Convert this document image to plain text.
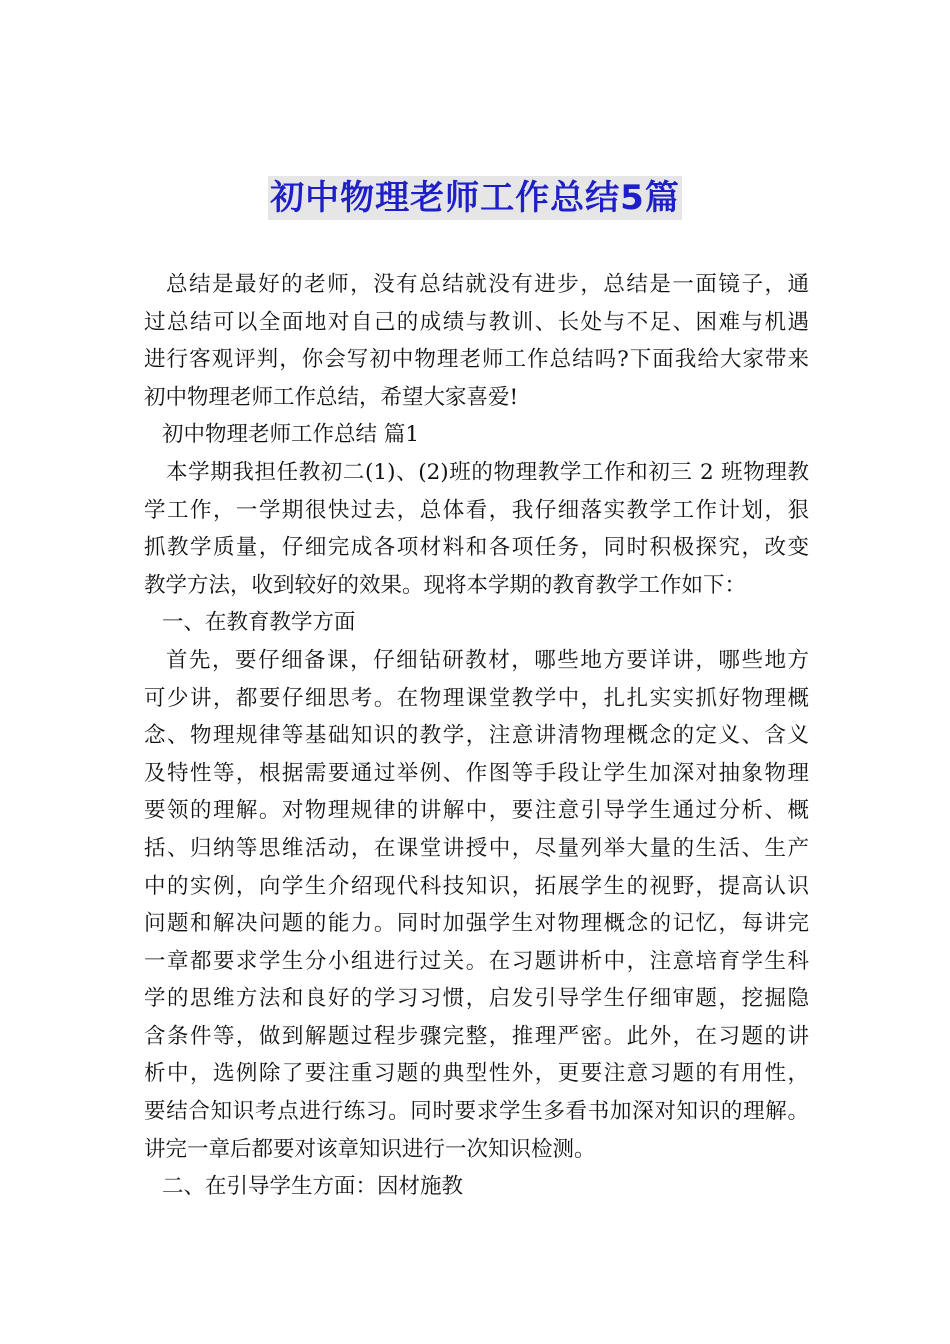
初中物理老师工作总结5篇

总结是最好的老师，没有总结就没有进步，总结是一面镜子，通
过总结可以全面地对自己的成绩与教训、长处与不足、困难与机遇
进行客观评判，你会写初中物理老师工作总结吗?下面我给大家带来
初中物理老师工作总结，希望大家喜爱!

初中物理老师工作总结 篇1

本学期我担任教初二(1)、(2)班的物理教学工作和初三 2 班物理教
学工作，一学期很快过去，总体看，我仔细落实教学工作计划，狠
抓教学质量，仔细完成各项材料和各项任务，同时积极探究，改变
教学方法，收到较好的效果。现将本学期的教育教学工作如下：

一、在教育教学方面

首先，要仔细备课，仔细钻研教材，哪些地方要详讲，哪些地方
可少讲，都要仔细思考。在物理课堂教学中，扎扎实实抓好物理概
念、物理规律等基础知识的教学，注意讲清物理概念的定义、含义
及特性等，根据需要通过举例、作图等手段让学生加深对抽象物理
要领的理解。对物理规律的讲解中，要注意引导学生通过分析、概
括、归纳等思维活动，在课堂讲授中，尽量列举大量的生活、生产
中的实例，向学生介绍现代科技知识，拓展学生的视野，提高认识
问题和解决问题的能力。同时加强学生对物理概念的记忆，每讲完
一章都要求学生分小组进行过关。在习题讲析中，注意培育学生科
学的思维方法和良好的学习习惯，启发引导学生仔细审题，挖掘隐
含条件等，做到解题过程步骤完整，推理严密。此外，在习题的讲
析中，选例除了要注重习题的典型性外，更要注意习题的有用性，
要结合知识考点进行练习。同时要求学生多看书加深对知识的理解。
讲完一章后都要对该章知识进行一次知识检测。

二、在引导学生方面：因材施教
